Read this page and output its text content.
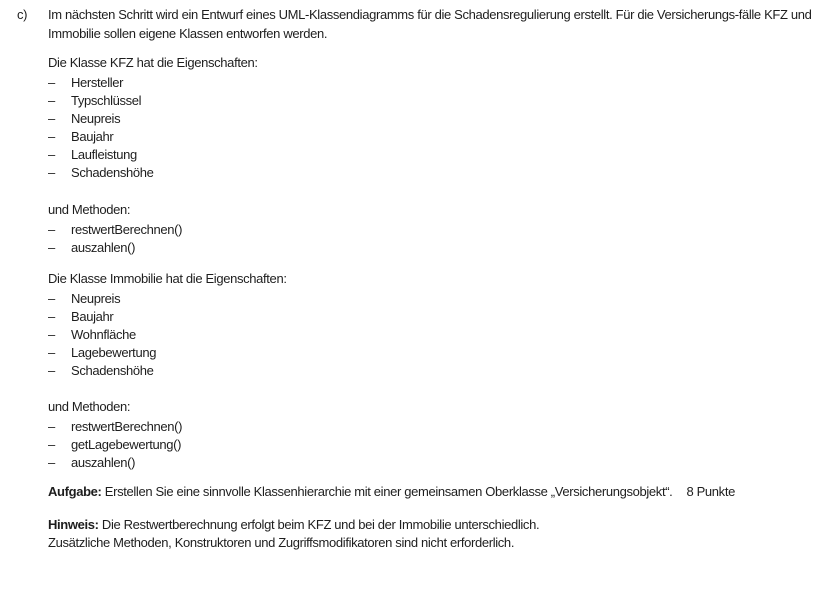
c) Im nächsten Schritt wird ein Entwurf eines UML-Klassendiagramms für die Schadensregulierung erstellt. Für die Versicherungs-fälle KFZ und Immobilie sollen eigene Klassen entworfen werden.
Die Klasse KFZ hat die Eigenschaften:
– Hersteller
– Typschlüssel
– Neupreis
– Baujahr
– Laufleistung
– Schadenshöhe
und Methoden:
– restwertBerechnen()
– auszahlen()
Die Klasse Immobilie hat die Eigenschaften:
– Neupreis
– Baujahr
– Wohnfläche
– Lagebewertung
– Schadenshöhe
und Methoden:
– restwertBerechnen()
– getLagebewertung()
– auszahlen()
Aufgabe: Erstellen Sie eine sinnvolle Klassenhierarchie mit einer gemeinsamen Oberklasse „Versicherungsobjekt“. 8 Punkte
Hinweis: Die Restwertberechnung erfolgt beim KFZ und bei der Immobilie unterschiedlich.
Zusätzliche Methoden, Konstruktoren und Zugriffsmodifikatoren sind nicht erforderlich.
